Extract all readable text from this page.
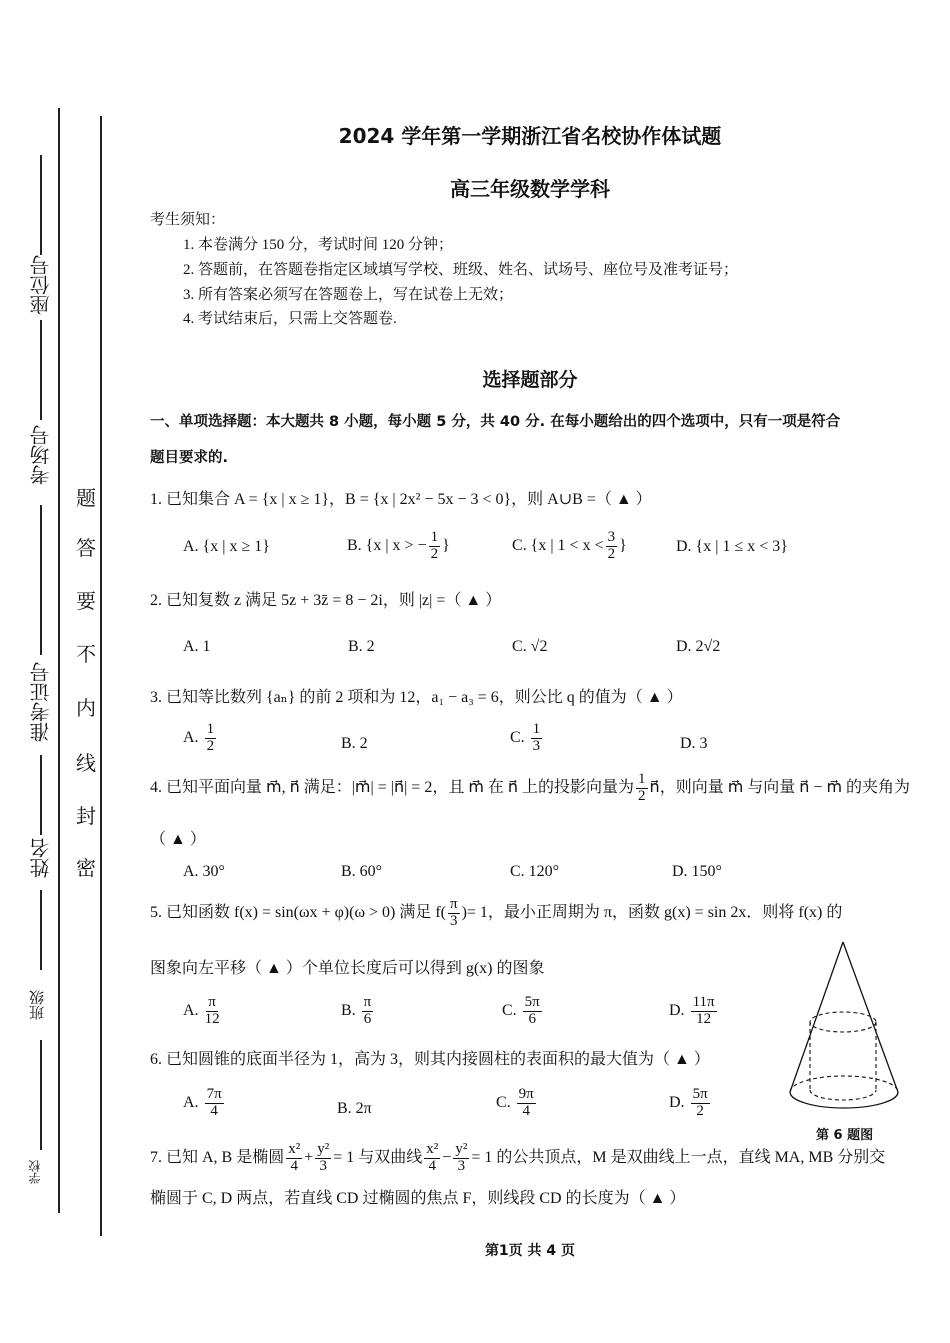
座位号
考场号
准考证号
姓名
班级
学校
题
答
要
不
内
线
封
密
2024 学年第一学期浙江省名校协作体试题
高三年级数学学科
考生须知：
1. 本卷满分 150 分，考试时间 120 分钟；
2. 答题前，在答题卷指定区域填写学校、班级、姓名、试场号、座位号及准考证号；
3. 所有答案必须写在答题卷上，写在试卷上无效；
4. 考试结束后，只需上交答题卷.
选择题部分
一、单项选择题：本大题共 8 小题，每小题 5 分，共 40 分. 在每小题给出的四个选项中，只有一项是符合
题目要求的.
1. 已知集合 A = {x | x ≥ 1}，B = {x | 2x² − 5x − 3 < 0}，则 A∪B =（ ▲ ）
A. {x | x ≥ 1}	B. {x | x > − $\frac{1}{2}$ }	C. {x | $1 < x < \frac{3}{2}$ }	D. {x | 1 ≤ x < 3}
2. 已知复数 z 满足 5z + 3z̄ = 8 − 2i，则 |z| =（ ▲ ）
A. 1	B. 2	C. √2	D. 2√2
3. 已知等比数列 {aₙ} 的前 2 项和为 12，a₁ − a₃ = 6，则公比 q 的值为（ ▲ ）
A. $\frac{1}{2}$	B. 2	C. $\frac{1}{3}$	D. 3
4. 已知平面向量 m⃗, n⃗ 满足：|m⃗| = |n⃗| = 2，且 m⃗ 在 n⃗ 上的投影向量为 $\frac{1}{2}$ n⃗，则向量 m⃗ 与向量 n⃗ − m⃗ 的夹角为
（ ▲ ）
A. 30°	B. 60°	C. 120°	D. 150°
5. 已知函数 f(x) = sin(ωx + φ)(ω > 0) 满足 $f( \frac{\pi}{3}$ )= 1，最小正周期为 π，函数 g(x) = sin 2x．则将 f(x) 的
图象向左平移（ ▲ ）个单位长度后可以得到 g(x) 的图象
A. $\frac{\pi}{12}$	B. $\frac{\pi}{6}$	C. $\frac{5\pi}{6}$	D. $\frac{11\pi}{12}$
6. 已知圆锥的底面半径为 1，高为 3，则其内接圆柱的表面积的最大值为（ ▲ ）
A. $\frac{7\pi}{4}$	B. 2π	C. $\frac{9\pi}{4}$	D. $\frac{5\pi}{2}$
第 6 题图
7. 已知 A, B 是椭圆 $\frac{\text{x²}}{4} + \frac{\text{y²}}{3} = 1$ 与双曲线 $\frac{\text{x²}}{4} - \frac{\text{y²}}{3} = 1$ 的公共顶点，M 是双曲线上一点，直线 MA, MB 分别交
椭圆于 C, D 两点，若直线 CD 过椭圆的焦点 F，则线段 CD 的长度为（ ▲ ）
第1页 共 4 页
